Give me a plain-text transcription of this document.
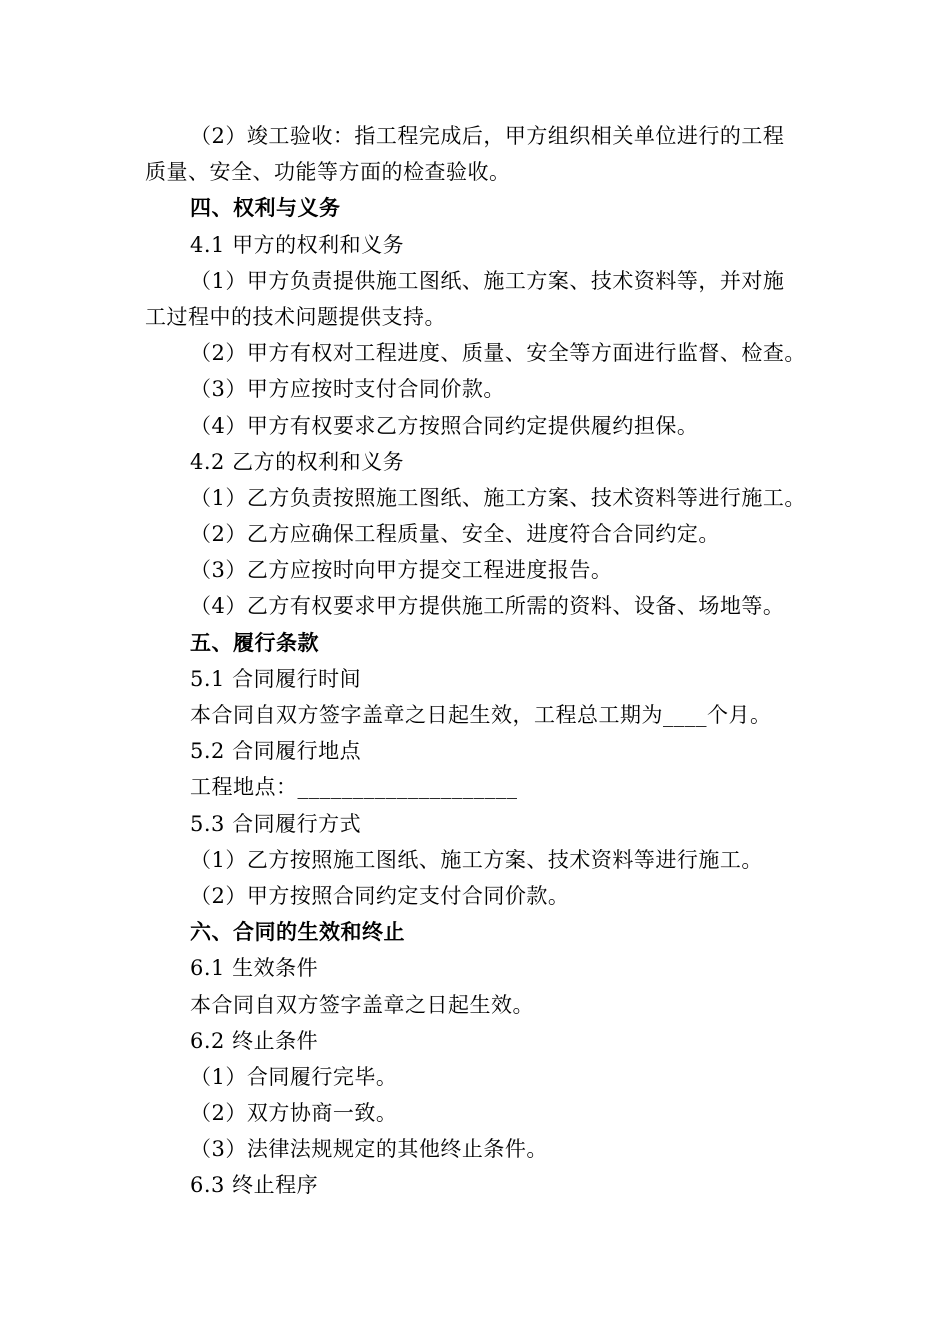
（2）竣工验收：指工程完成后，甲方组织相关单位进行的工程
质量、安全、功能等方面的检查验收。
四、权利与义务
4.1 甲方的权利和义务
（1）甲方负责提供施工图纸、施工方案、技术资料等，并对施
工过程中的技术问题提供支持。
（2）甲方有权对工程进度、质量、安全等方面进行监督、检查。
（3）甲方应按时支付合同价款。
（4）甲方有权要求乙方按照合同约定提供履约担保。
4.2 乙方的权利和义务
（1）乙方负责按照施工图纸、施工方案、技术资料等进行施工。
（2）乙方应确保工程质量、安全、进度符合合同约定。
（3）乙方应按时向甲方提交工程进度报告。
（4）乙方有权要求甲方提供施工所需的资料、设备、场地等。
五、履行条款
5.1 合同履行时间
本合同自双方签字盖章之日起生效，工程总工期为____个月。
5.2 合同履行地点
工程地点：____________________
5.3 合同履行方式
（1）乙方按照施工图纸、施工方案、技术资料等进行施工。
（2）甲方按照合同约定支付合同价款。
六、合同的生效和终止
6.1 生效条件
本合同自双方签字盖章之日起生效。
6.2 终止条件
（1）合同履行完毕。
（2）双方协商一致。
（3）法律法规规定的其他终止条件。
6.3 终止程序
